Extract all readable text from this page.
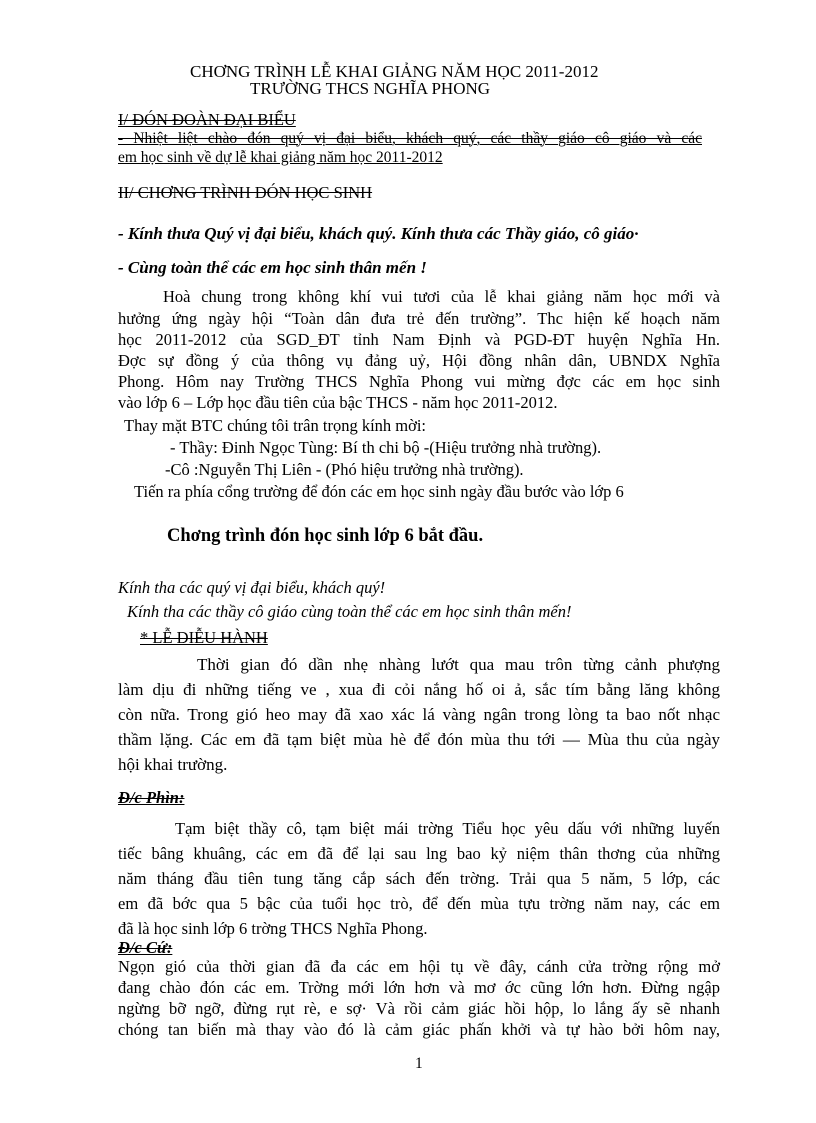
CHƠNG TRÌNH LỄ KHAI GIẢNG NĂM HỌC 2011-2012
TRƯỜNG THCS NGHĨA PHONG
I/ ĐÓN ĐOÀN ĐẠI BIỂU
- Nhiệt liệt chào đón quý vị đại biểu, khách quý, các thầy giáo cô giáo và các
em học sinh về dự lễ khai giảng năm học 2011-2012
II/ CHƠNG TRÌNH ĐÓN HỌC SINH
- Kính thưa Quý vị đại biểu, khách quý. Kính thưa các Thầy giáo, cô giáo·
- Cùng toàn thể các em học sinh thân mến !
Hoà chung trong không khí vui tươi của lễ khai giảng năm học mới và
hưởng ứng ngày hội “Toàn dân đưa trẻ đến trường”. Thc hiện kế hoạch năm
học 2011-2012 của SGD_ĐT tỉnh Nam Định và PGD-ĐT huyện Nghĩa Hn.
Đợc sự đồng ý của thông vụ đảng uỷ, Hội đồng nhân dân, UBNDX Nghĩa
Phong. Hôm nay Trường THCS Nghĩa Phong vui mừng đợc các em học sinh
vào lớp 6 – Lớp học đầu tiên của bậc THCS - năm học 2011-2012.
Thay mặt BTC chúng tôi trân trọng kính mời:
- Thầy: Đinh Ngọc Tùng: Bí th chi bộ -(Hiệu trưởng nhà trường).
-Cô :Nguyễn Thị Liên - (Phó hiệu trưởng nhà trường).
Tiến ra phía cổng trường để đón các em học sinh ngày đầu bước vào lớp 6
Chơng trình đón học sinh lớp 6 bắt đầu.
Kính tha các quý vị đại biểu, khách quý!
Kính tha các thầy cô giáo cùng toàn thể các em học sinh thân mến!
* LỄ DIỄU HÀNH
Thời gian đó dần nhẹ nhàng lướt qua mau trôn từng cảnh phượng
làm dịu đi những tiếng ve , xua đi cỏi nắng hố oi ả, sắc tím bằng lăng không
còn nữa. Trong gió heo may đã xao xác lá vàng ngân trong lòng ta bao nốt nhạc
thầm lặng. Các em đã tạm biệt mùa hè để đón mùa thu tới — Mùa thu của ngày
hội khai trường.
Đ/c Phìn:
Tạm biệt thầy cô, tạm biệt mái trờng Tiểu học yêu dấu với những luyến
tiếc bâng khuâng, các em đã để lại sau lng bao kỷ niệm thân thơng của những
năm tháng đầu tiên tung tăng cắp sách đến trờng. Trải qua 5 năm, 5 lớp, các
em đã bớc qua 5 bậc của tuổi học trò, để đến mùa tựu trờng năm nay, các em
đã là học sinh lớp 6 trờng THCS Nghĩa Phong.
Đ/c Cứ:
Ngọn gió của thời gian đã đa các em hội tụ về đây, cánh cửa trờng rộng mở
đang chào đón các em. Trờng mới lớn hơn và mơ ớc cũng lớn hơn. Đừng ngập
ngừng bỡ ngỡ, đừng rụt rè, e sợ· Và rồi cảm giác hồi hộp, lo lắng ấy sẽ nhanh
chóng tan biến mà thay vào đó là cảm giác phấn khởi và tự hào bởi hôm nay,
1
